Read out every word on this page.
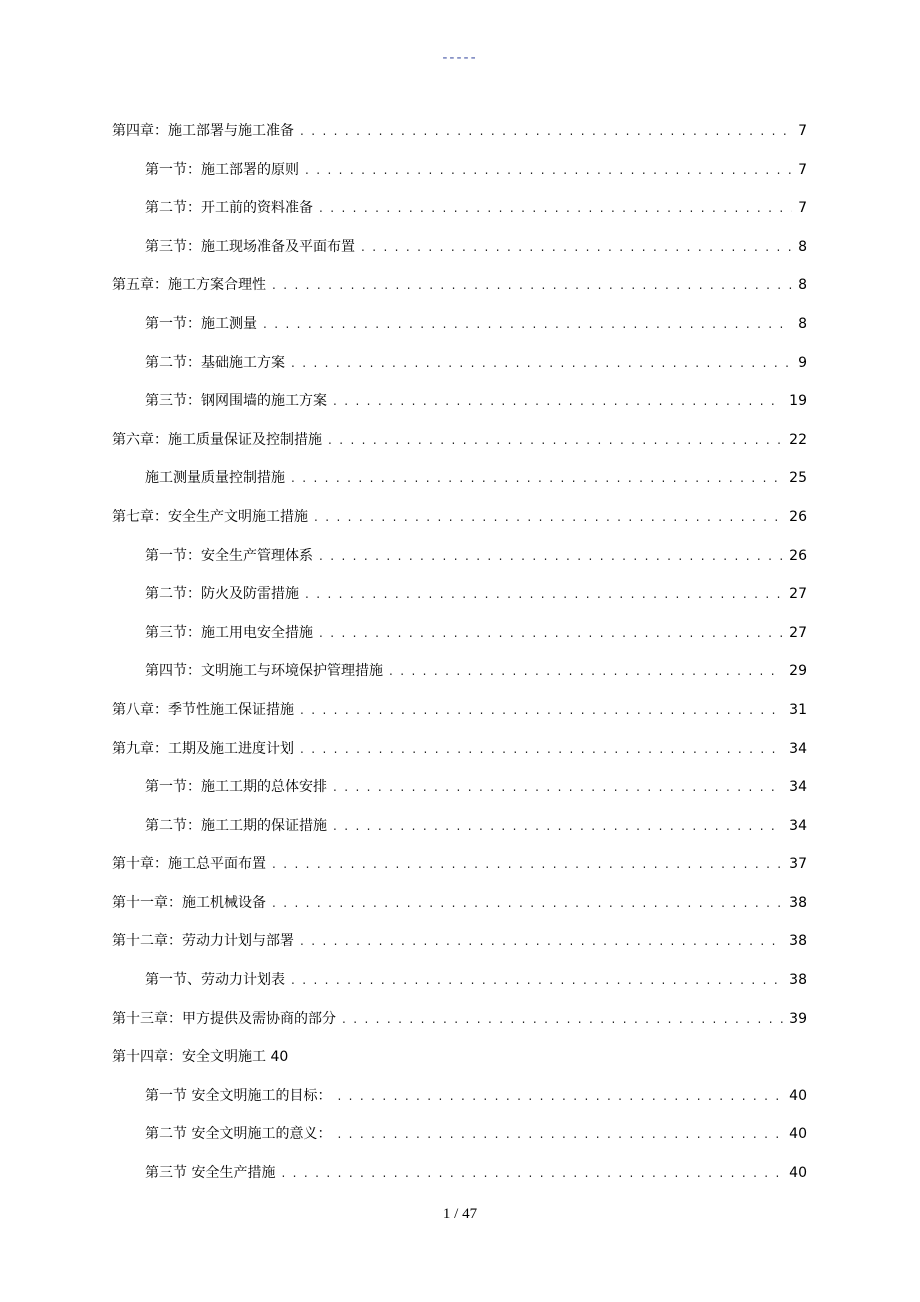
-----
第四章：施工部署与施工准备 . . .	7
第一节：施工部署的原则 . . .	7
第二节：开工前的资料准备 . . .	7
第三节：施工现场准备及平面布置 . . .	8
第五章：施工方案合理性 . . .	8
第一节：施工测量 . . .	8
第二节：基础施工方案 . . .	9
第三节：钢网围墙的施工方案 . . .	19
第六章：施工质量保证及控制措施 . . .	22
施工测量质量控制措施 . . .	25
第七章：安全生产文明施工措施 . . .	26
第一节：安全生产管理体系 . . .	26
第二节：防火及防雷措施 . . .	27
第三节：施工用电安全措施 . . .	27
第四节：文明施工与环境保护管理措施 . . .	29
第八章：季节性施工保证措施 . . .	31
第九章：工期及施工进度计划 . . .	34
第一节：施工工期的总体安排 . . .	34
第二节：施工工期的保证措施 . . .	34
第十章：施工总平面布置 . . .	37
第十一章：施工机械设备 . . .	38
第十二章：劳动力计划与部署 . . .	38
第一节、劳动力计划表 . . .	38
第十三章：甲方提供及需协商的部分 . . .	39
第十四章：安全文明施工 40
第一节 安全文明施工的目标： . . .	40
第二节 安全文明施工的意义： . . .	40
第三节 安全生产措施 . . .	40
1 / 47
